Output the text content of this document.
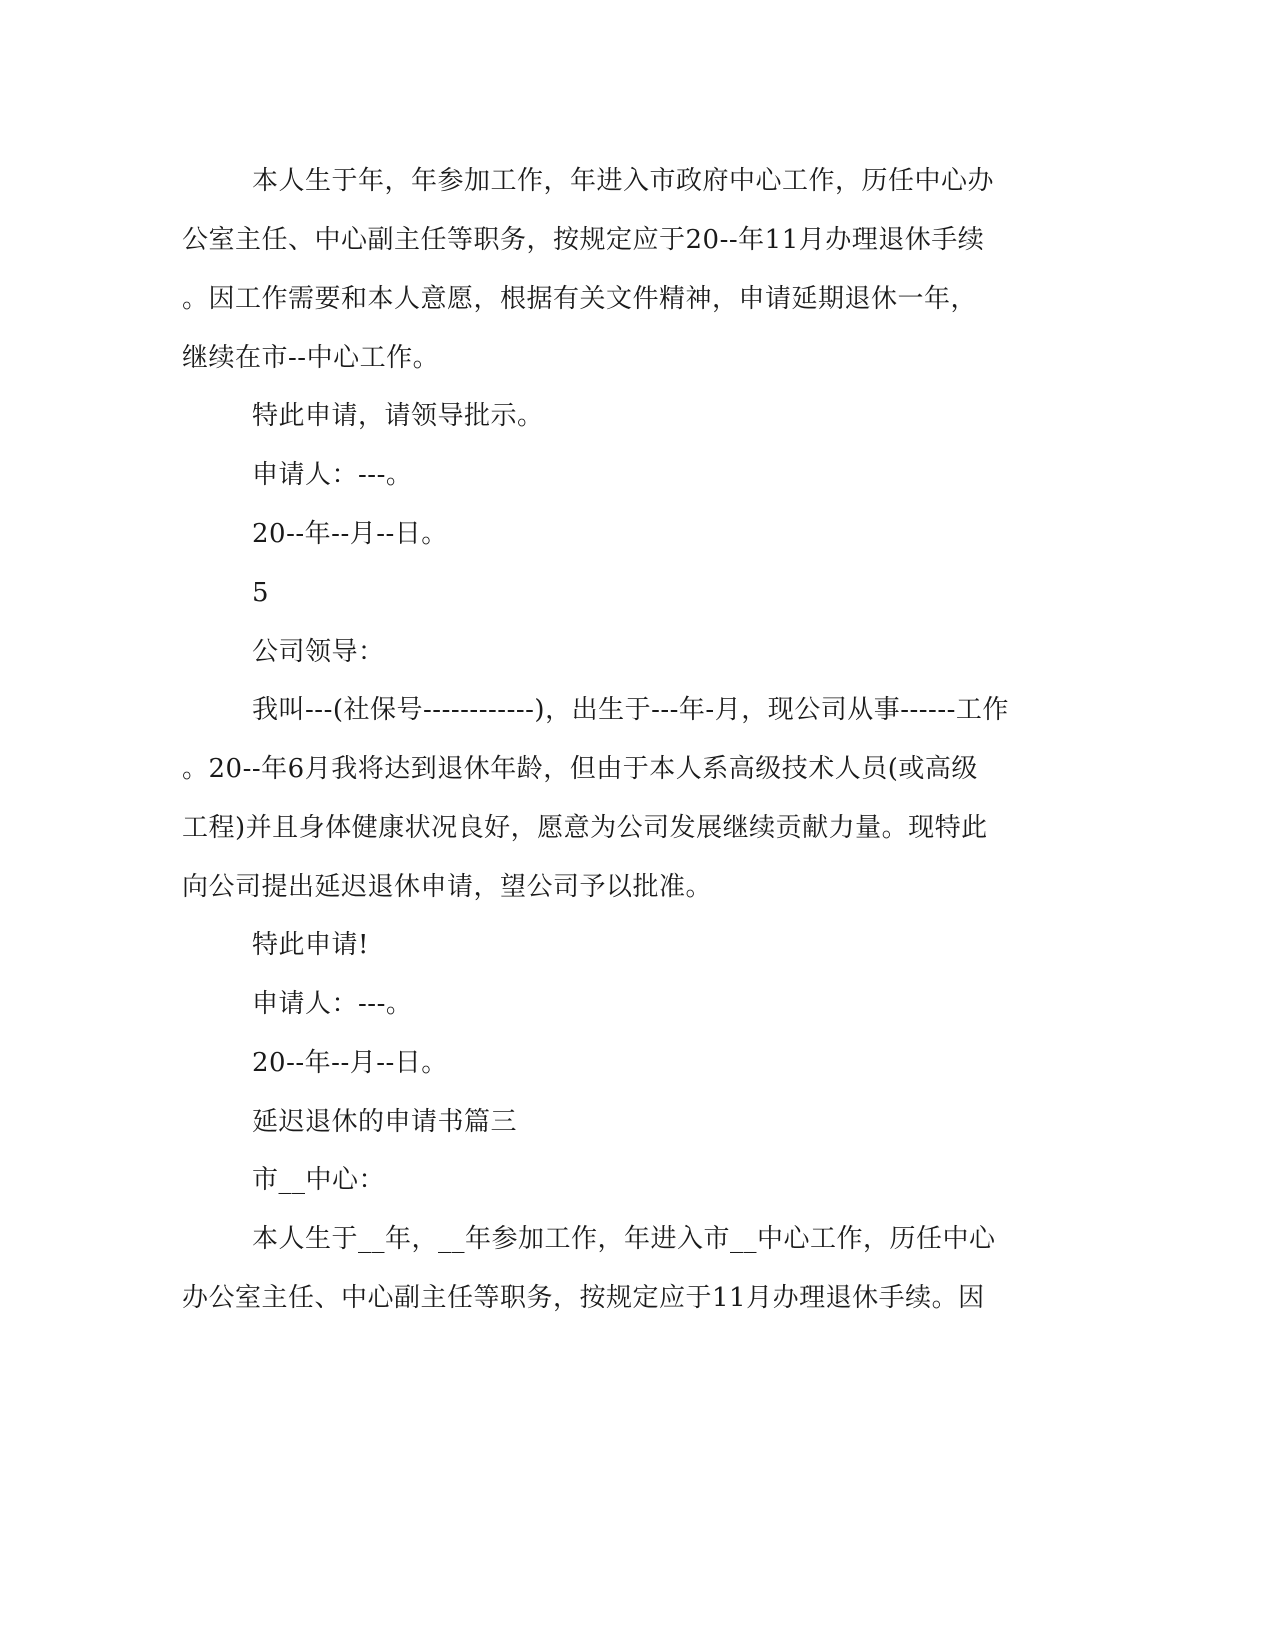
本人生于年，年参加工作，年进入市政府中心工作，历任中心办
公室主任、中心副主任等职务，按规定应于20--年11月办理退休手续
。因工作需要和本人意愿，根据有关文件精神，申请延期退休一年，
继续在市--中心工作。
特此申请，请领导批示。
申请人：---。
20--年--月--日。
5
公司领导：
我叫---(社保号------------)，出生于---年-月，现公司从事------工作
。20--年6月我将达到退休年龄，但由于本人系高级技术人员(或高级
工程)并且身体健康状况良好，愿意为公司发展继续贡献力量。现特此
向公司提出延迟退休申请，望公司予以批准。
特此申请!
申请人：---。
20--年--月--日。
延迟退休的申请书篇三
市__中心：
本人生于__年，__年参加工作，年进入市__中心工作，历任中心
办公室主任、中心副主任等职务，按规定应于11月办理退休手续。因
